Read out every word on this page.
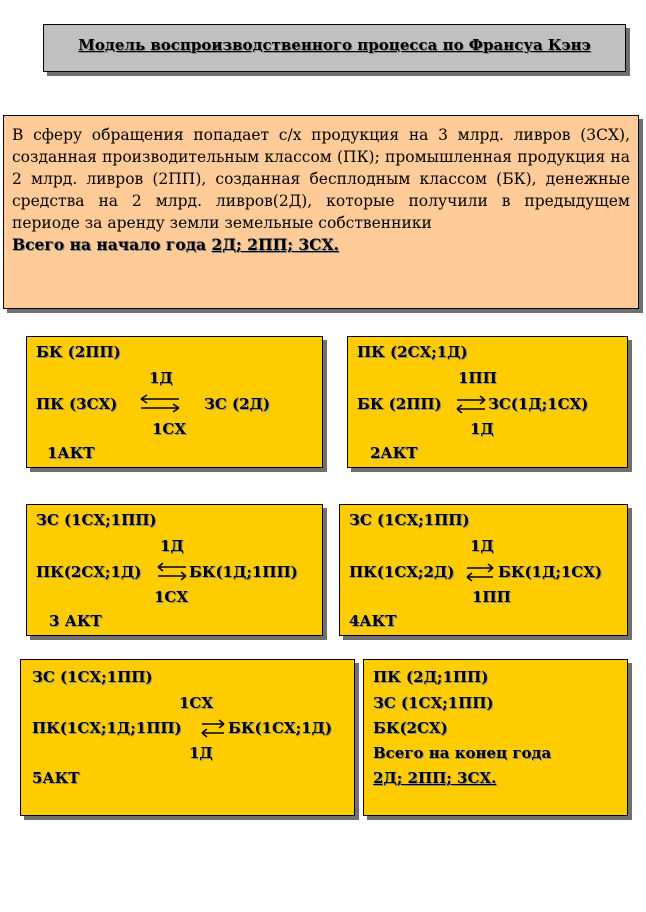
Модель воспроизводственного процесса по Франсуа Кэнэ
В сферу обращения попадает с/х продукция на 3 млрд. ливров (3СХ), созданная производительным классом (ПК); промышленная продукция на 2 млрд. ливров (2ПП), созданная бесплодным классом (БК), денежные средства на 2 млрд. ливров(2Д), которые получили в предыдущем периоде за аренду земли земельные собственники
Всего на начало года 2Д; 2ПП; 3СХ.
БК (2ПП)
1Д
ПК (3СХ)	ЗС (2Д)
1СХ
1АКТ
ПК (2СХ;1Д)
1ПП
БК (2ПП)	ЗС(1Д;1СХ)
1Д
2АКТ
ЗС (1СХ;1ПП)
1Д
ПК(2СХ;1Д)	БК(1Д;1ПП)
1СХ
3 АКТ
ЗС (1СХ;1ПП)
1Д
ПК(1СХ;2Д)	БК(1Д;1СХ)
1ПП
4АКТ
ЗС (1СХ;1ПП)
1СХ
ПК(1СХ;1Д;1ПП)	БК(1СХ;1Д)
1Д
5АКТ
ПК (2Д;1ПП)
ЗС (1СХ;1ПП)
БК(2СХ)
Всего на конец года
2Д; 2ПП; 3СХ.
